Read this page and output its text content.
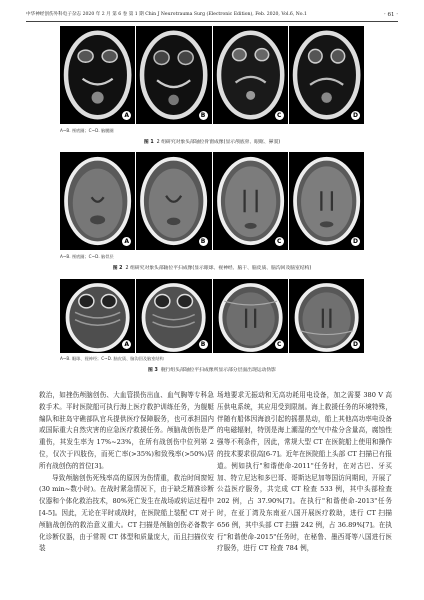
中华神经创伤外科电子杂志 2020 年 2 月 第 6 卷 第 1 期 Chin J Neurotrauma Surg (Electronic Edition), Feb. 2020, Vol.6, No.1	· 61 ·
A	B	C	D
A~B. 颅底圈；C~D. 脑膜圈
图 1 2 组研究对象头部轴位骨窗成像(显示颅底骨、眼眶、鼻窦)
A	B	C	D
A~B. 颅底圈；C~D. 脑骨层
图 2 2 组研究对象头部轴位平扫成像(显示眼球、视神经、脑干、脑皮质、脑沟回及脑室结构)
A	B	C	D
A~B. 眼球、视神经；C~D. 脑皮质、脑沟回及脑室结构
图 3 舰行组头部轴位平扫成像所显示部分层面出现运动伪影

救治，如挫伤颅脑创伤、大血管损伤出血、血气胸等专科急救手术。平时医院船可执行海上医疗救护训练任务，为舰艇编队和驻岛守礁部队官兵提供医疗保障服务，也可承担国内或国际重大自然灾害的应急医疗救援任务。颅脑战创伤是严重伤，其发生率为 17%~23%，在所有战创伤中位列第 2 位，仅次于四肢伤，而死亡率(>35%)和致残率(>50%)居所有战创伤的首位[3]。

导致颅脑创伤死残率高的原因为伤情重，救治时间窗短(30 min~数小时)。在战时紧急情况下，由于缺乏精准诊断仪器和个体化救治技术，80%死亡发生在战场或转运过程中[4-5]。因此，无论在平时或战时，在医院船上装配 CT 对于颅脑战创伤的救治意义重大。CT 扫描是颅脑创伤必备数字化诊断仪器，由于常规 CT 体型和质量庞大，而且扫描仪安装

场地要求无振动和无高功耗用电设备，加之需要 380 V 高压供电系统，其应用受到限制。海上救援任务的环境特殊，伴随有船体因海浪引起的摇摆晃动，船上其他高功率电设备的电磁辐射，特别是海上潮湿的空气中盐分含量高，腐蚀性强等不利条件，因此，常规大型 CT 在医院船上使用和操作的技术要求很高[6-7]。近年在医院船上头部 CT 扫描已有报道。例如执行"和谐使命-2011"任务时，在对古巴、牙买加、特立尼达和多巴哥、哥斯达尼加等国访问期间，开展了公益医疗服务，共完成 CT 检查 533 例，其中头部检查 202 例，占 37.90%[7]。在执行"和谐使命-2013"任务时，在亚丁湾及东南亚八国开展医疗救助，进行 CT 扫描 656 例，其中头部 CT 扫描 242 例，占 36.89%[7]。在执行"和谐使命-2015"任务时，在秘鲁、墨西哥等八国进行医疗服务，进行 CT 检查 784 例，
